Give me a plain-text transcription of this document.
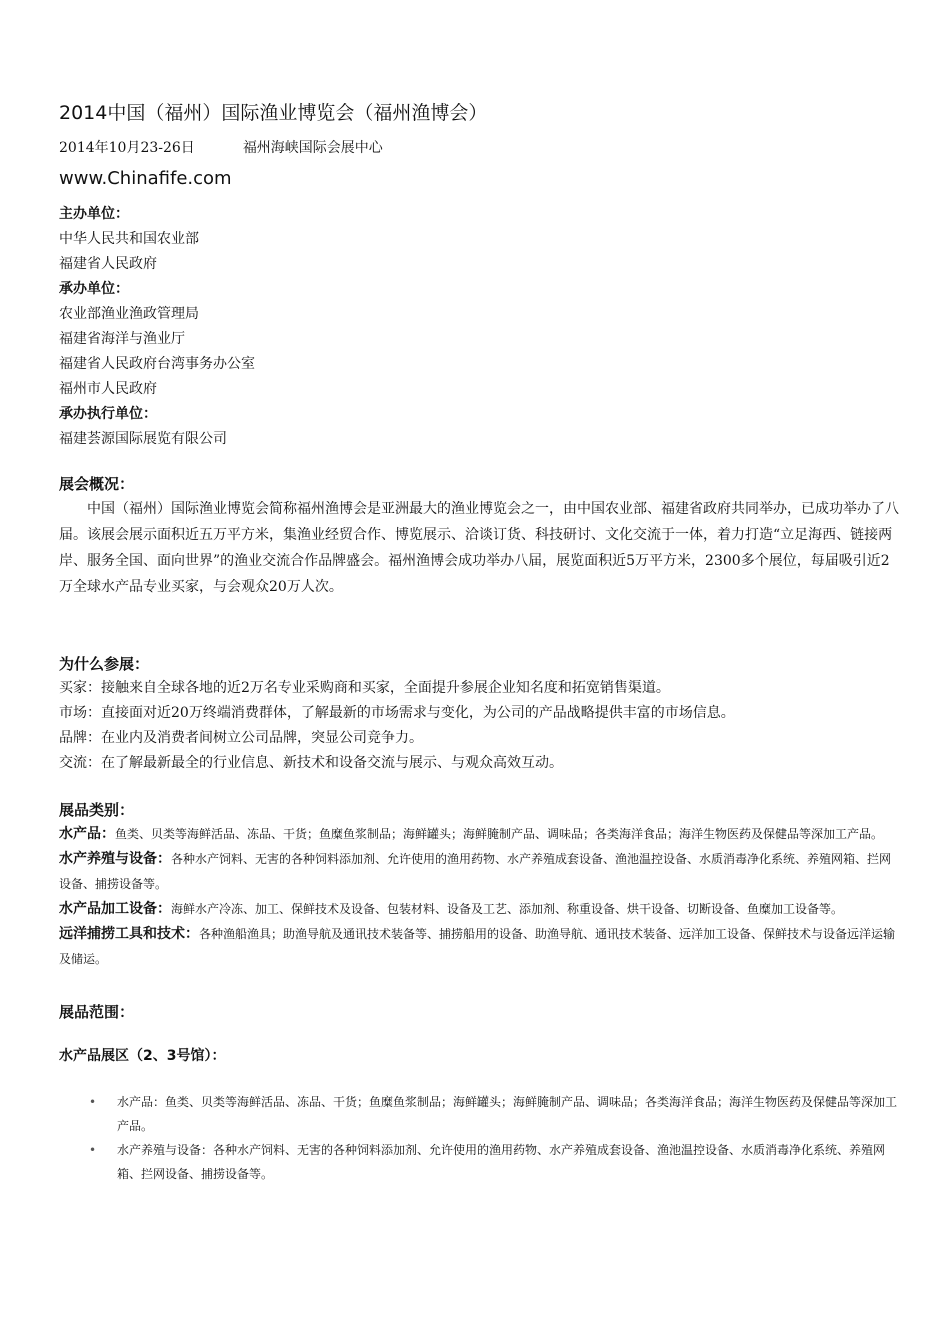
2014中国（福州）国际渔业博览会（福州渔博会）
2014年10月23-26日	福州海峡国际会展中心
www.Chinafife.com
主办单位：
中华人民共和国农业部
福建省人民政府
承办单位：
农业部渔业渔政管理局
福建省海洋与渔业厅
福建省人民政府台湾事务办公室
福州市人民政府
承办执行单位：
福建荟源国际展览有限公司
展会概况：
中国（福州）国际渔业博览会简称福州渔博会是亚洲最大的渔业博览会之一，由中国农业部、福建省政府共同举办，已成功举办了八届。该展会展示面积近五万平方米，集渔业经贸合作、博览展示、洽谈订货、科技研讨、文化交流于一体，着力打造“立足海西、链接两岸、服务全国、面向世界”的渔业交流合作品牌盛会。福州渔博会成功举办八届，展览面积近5万平方米，2300多个展位，每届吸引近2万全球水产品专业买家，与会观众20万人次。
为什么参展：
买家：接触来自全球各地的近2万名专业采购商和买家，全面提升参展企业知名度和拓宽销售渠道。
市场：直接面对近20万终端消费群体，了解最新的市场需求与变化，为公司的产品战略提供丰富的市场信息。
品牌：在业内及消费者间树立公司品牌，突显公司竞争力。
交流：在了解最新最全的行业信息、新技术和设备交流与展示、与观众高效互动。
展品类别：
水产品：鱼类、贝类等海鲜活品、冻品、干货；鱼糜鱼浆制品；海鲜罐头；海鲜腌制产品、调味品；各类海洋食品；海洋生物医药及保健品等深加工产品。
水产养殖与设备：各种水产饲料、无害的各种饲料添加剂、允许使用的渔用药物、水产养殖成套设备、渔池温控设备、水质消毒净化系统、养殖网箱、拦网设备、捕捞设备等。
水产品加工设备：海鲜水产冷冻、加工、保鲜技术及设备、包装材料、设备及工艺、添加剂、称重设备、烘干设备、切断设备、鱼糜加工设备等。
远洋捕捞工具和技术：各种渔船渔具；助渔导航及通讯技术装备等、捕捞船用的设备、助渔导航、通讯技术装备、远洋加工设备、保鲜技术与设备远洋运输及储运。
展品范围：
水产品展区（2、3号馆）：
• 水产品：鱼类、贝类等海鲜活品、冻品、干货；鱼糜鱼浆制品；海鲜罐头；海鲜腌制产品、调味品；各类海洋食品；海洋生物医药及保健品等深加工产品。
• 水产养殖与设备：各种水产饲料、无害的各种饲料添加剂、允许使用的渔用药物、水产养殖成套设备、渔池温控设备、水质消毒净化系统、养殖网箱、拦网设备、捕捞设备等。
